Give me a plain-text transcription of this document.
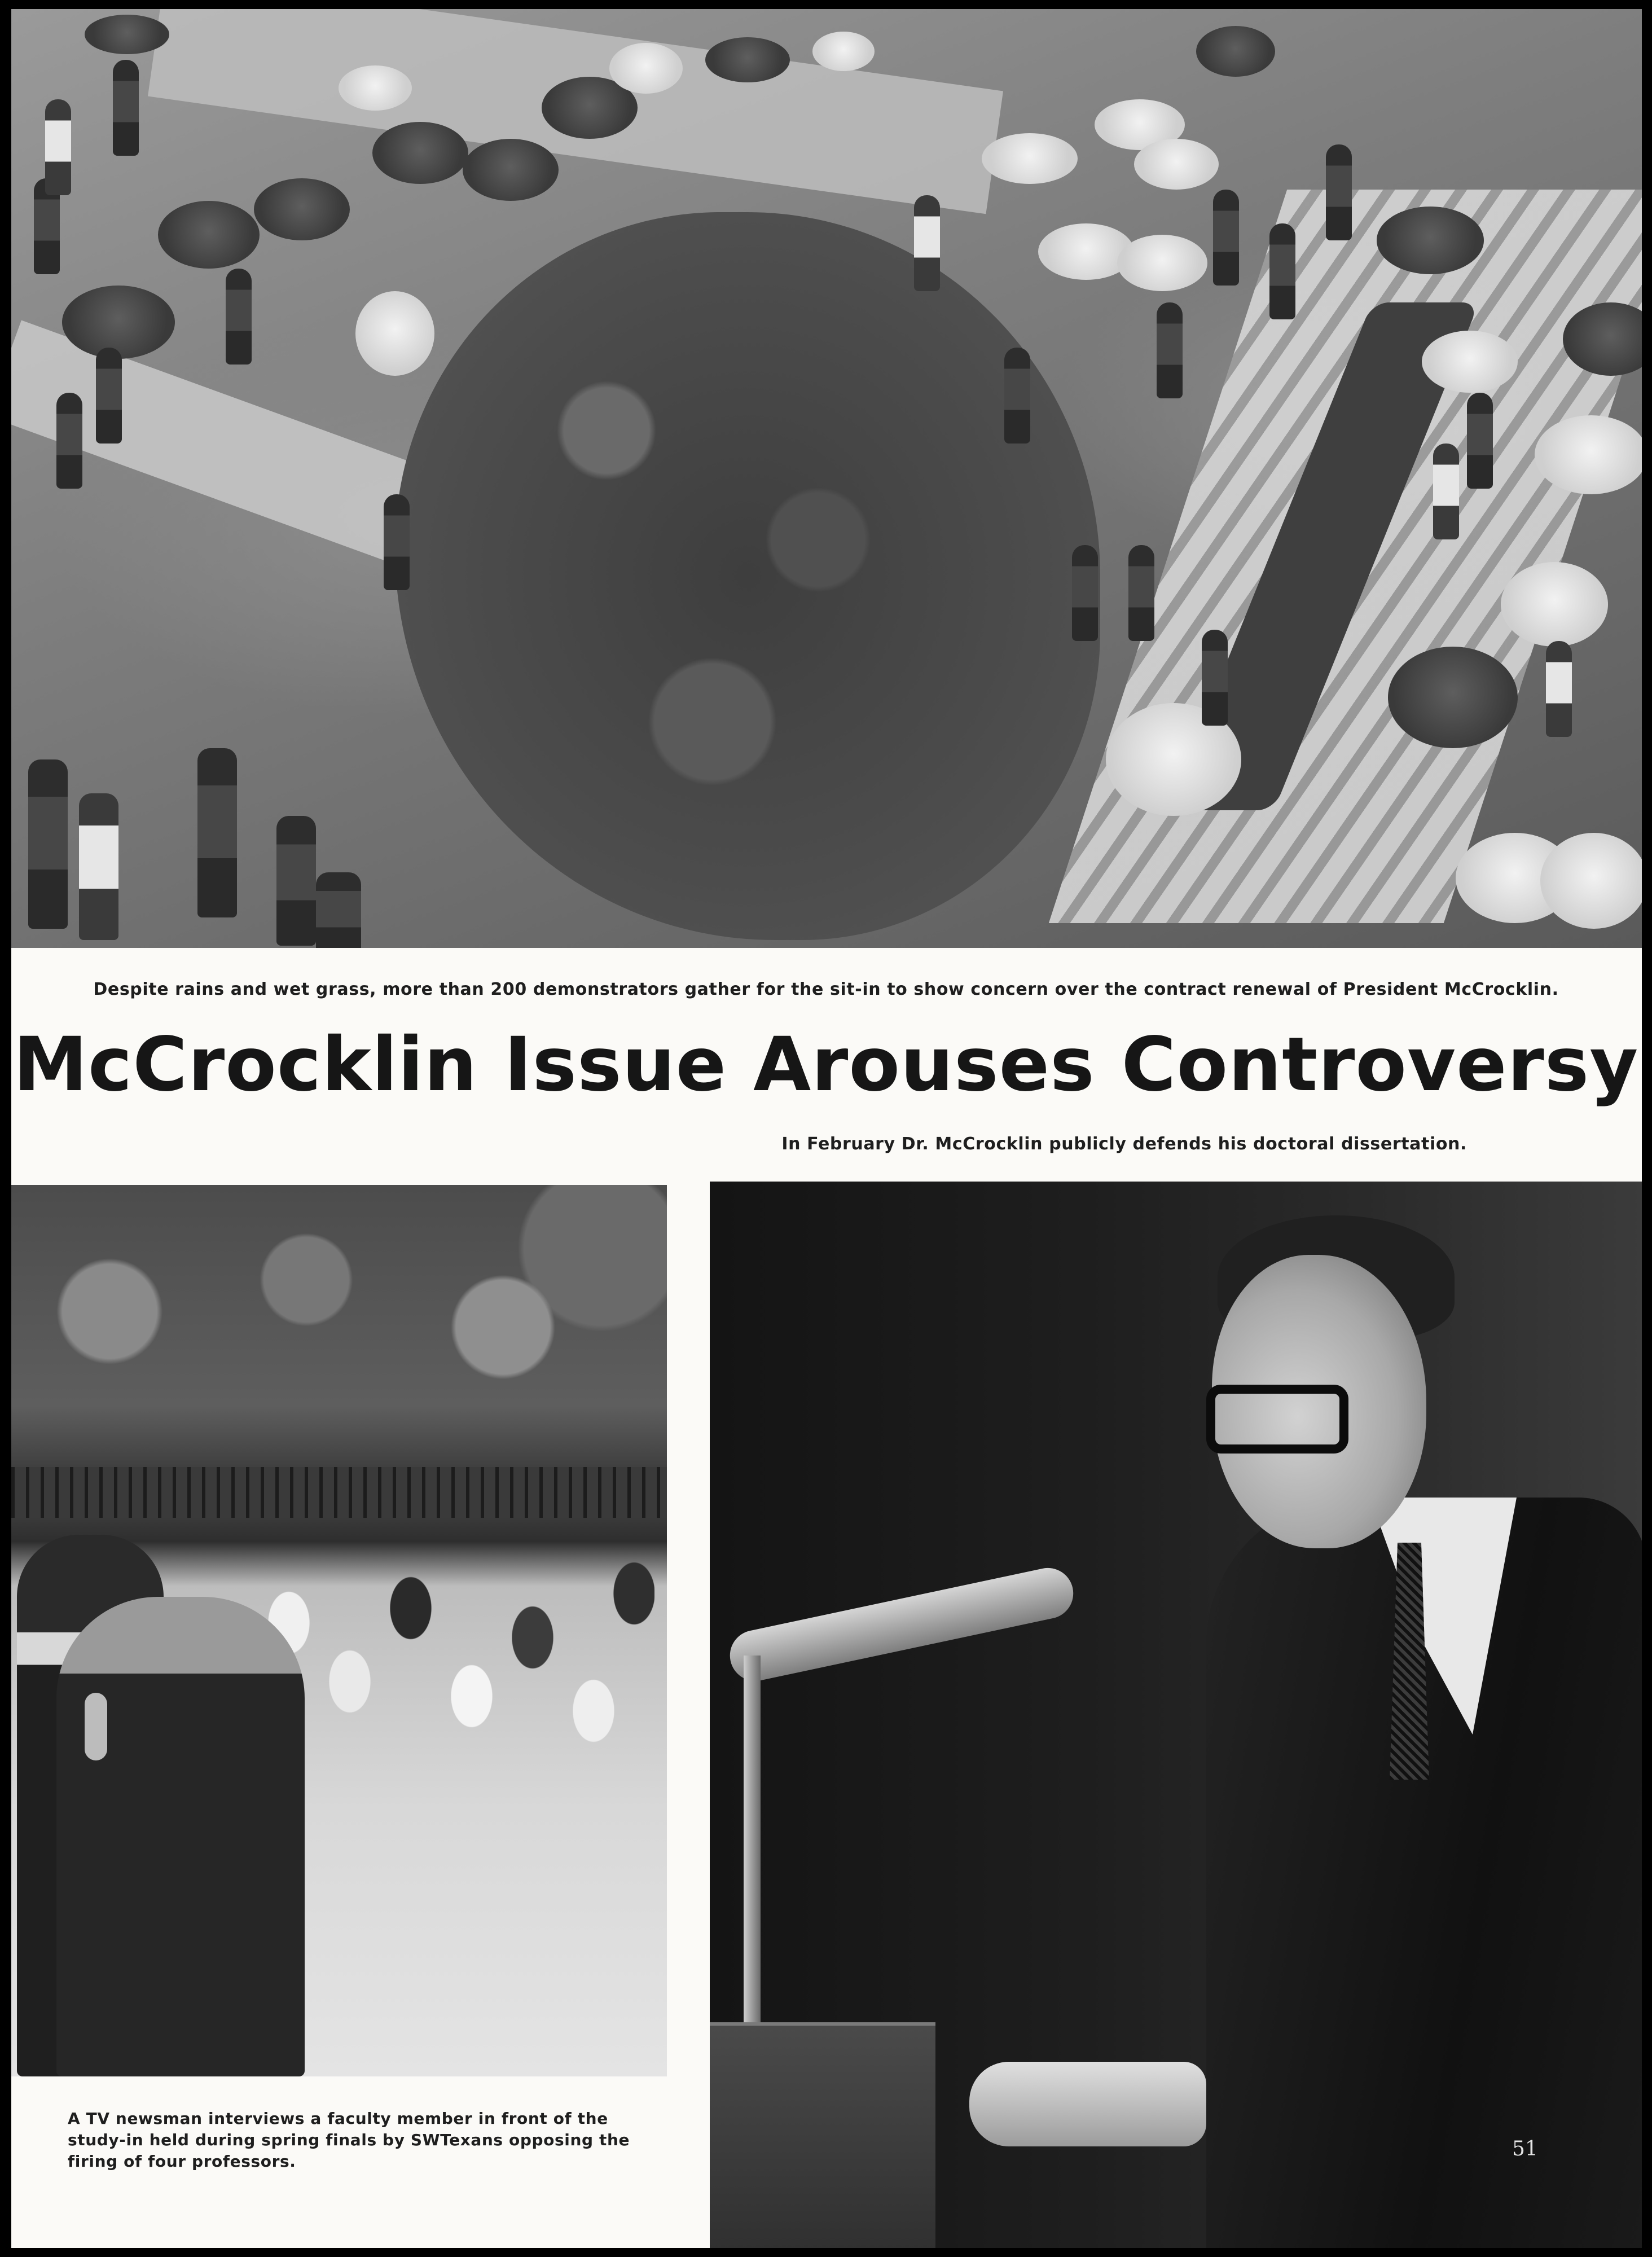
Despite rains and wet grass, more than 200 demonstrators gather for the sit-in to show concern over the contract renewal of President McCrocklin.
McCrocklin Issue Arouses Controversy
In February Dr. McCrocklin publicly defends his doctoral dissertation.
A TV newsman interviews a faculty member in front of the study-in held during spring finals by SWTexans opposing the firing of four professors.
51
